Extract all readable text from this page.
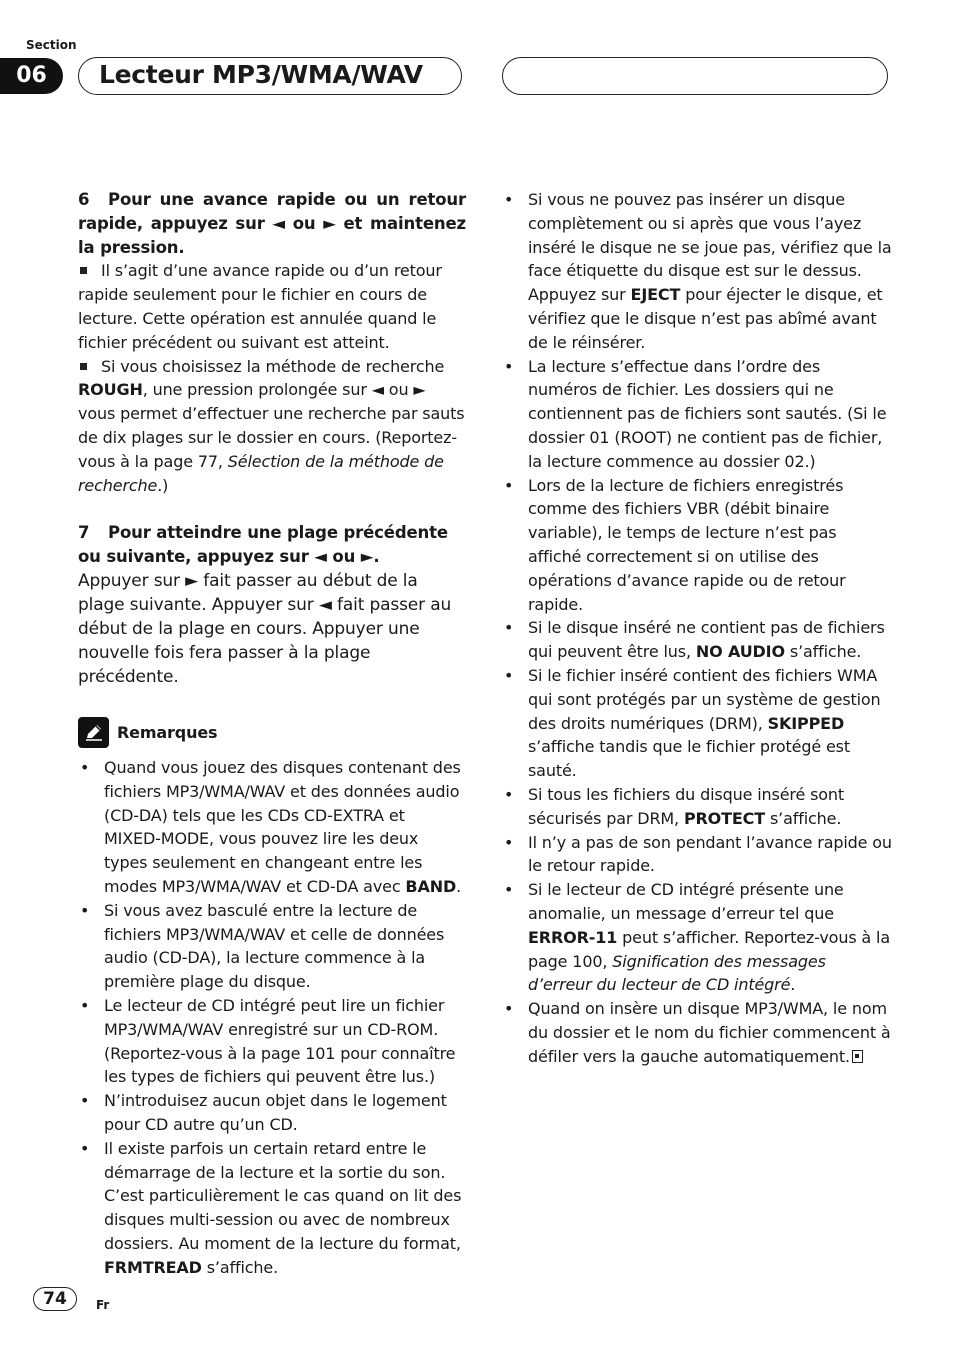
Section
06	Lecteur MP3/WMA/WAV
6 Pour une avance rapide ou un retour rapide, appuyez sur ◄ ou ► et maintenez la pression.

Il s’agit d’une avance rapide ou d’un retour rapide seulement pour le fichier en cours de lecture. Cette opération est annulée quand le fichier précédent ou suivant est atteint.

Si vous choisissez la méthode de recherche ROUGH, une pression prolongée sur ◄ ou ► vous permet d’effectuer une recherche par sauts de dix plages sur le dossier en cours. (Reportez-vous à la page 77, Sélection de la méthode de recherche.)

7 Pour atteindre une plage précédente ou suivante, appuyez sur ◄ ou ►.

Appuyer sur ► fait passer au début de la plage suivante. Appuyer sur ◄ fait passer au début de la plage en cours. Appuyer une nouvelle fois fera passer à la plage précédente.

Remarques
• Quand vous jouez des disques contenant des fichiers MP3/WMA/WAV et des données audio (CD-DA) tels que les CDs CD-EXTRA et MIXED-MODE, vous pouvez lire les deux types seulement en changeant entre les modes MP3/WMA/WAV et CD-DA avec BAND.
• Si vous avez basculé entre la lecture de fichiers MP3/WMA/WAV et celle de données audio (CD-DA), la lecture commence à la première plage du disque.
• Le lecteur de CD intégré peut lire un fichier MP3/WMA/WAV enregistré sur un CD-ROM. (Reportez-vous à la page 101 pour connaître les types de fichiers qui peuvent être lus.)
• N’introduisez aucun objet dans le logement pour CD autre qu’un CD.
• Il existe parfois un certain retard entre le démarrage de la lecture et la sortie du son. C’est particulièrement le cas quand on lit des disques multi-session ou avec de nombreux dossiers. Au moment de la lecture du format, FRMTREAD s’affiche.
• Si vous ne pouvez pas insérer un disque complètement ou si après que vous l’ayez inséré le disque ne se joue pas, vérifiez que la face étiquette du disque est sur le dessus. Appuyez sur EJECT pour éjecter le disque, et vérifiez que le disque n’est pas abîmé avant de le réinsérer.
• La lecture s’effectue dans l’ordre des numéros de fichier. Les dossiers qui ne contiennent pas de fichiers sont sautés. (Si le dossier 01 (ROOT) ne contient pas de fichier, la lecture commence au dossier 02.)
• Lors de la lecture de fichiers enregistrés comme des fichiers VBR (débit binaire variable), le temps de lecture n’est pas affiché correctement si on utilise des opérations d’avance rapide ou de retour rapide.
• Si le disque inséré ne contient pas de fichiers qui peuvent être lus, NO AUDIO s’affiche.
• Si le fichier inséré contient des fichiers WMA qui sont protégés par un système de gestion des droits numériques (DRM), SKIPPED s’affiche tandis que le fichier protégé est sauté.
• Si tous les fichiers du disque inséré sont sécurisés par DRM, PROTECT s’affiche.
• Il n’y a pas de son pendant l’avance rapide ou le retour rapide.
• Si le lecteur de CD intégré présente une anomalie, un message d’erreur tel que ERROR-11 peut s’afficher. Reportez-vous à la page 100, Signification des messages d’erreur du lecteur de CD intégré.
• Quand on insère un disque MP3/WMA, le nom du dossier et le nom du fichier commencent à défiler vers la gauche automatiquement.
74	Fr
